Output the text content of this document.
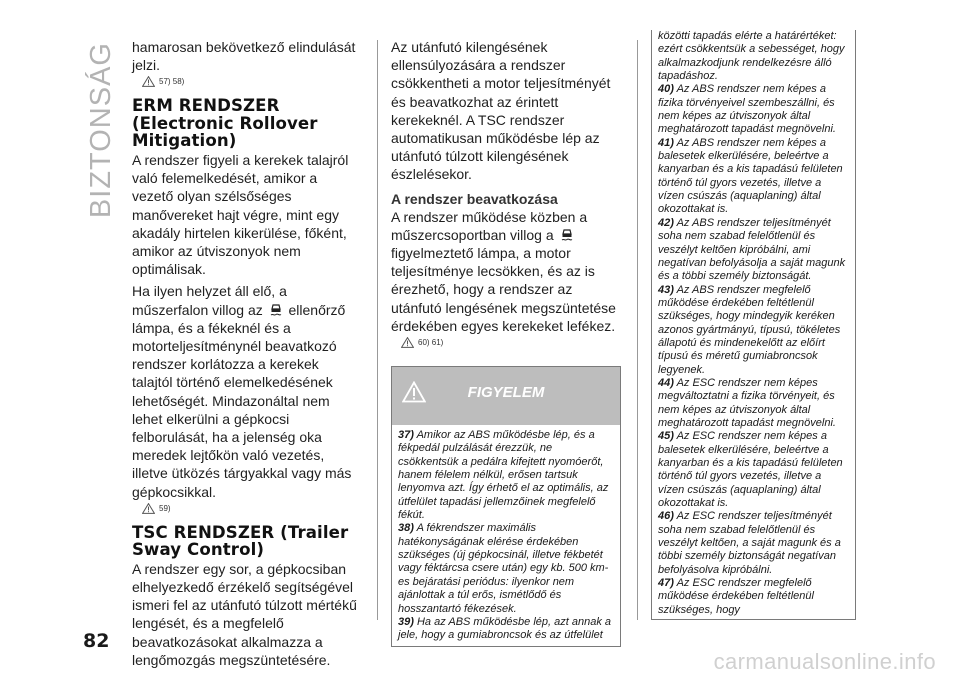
BIZTONSÁG
82

hamarosan bekövetkező elindulását jelzi.

57) 58)
ERM RENDSZER (Electronic Rollover Mitigation)

A rendszer figyeli a kerekek talajról való felemelkedését, amikor a vezető olyan szélsőséges manővereket hajt végre, mint egy akadály hirtelen kikerülése, főként, amikor az útviszonyok nem optimálisak.

Ha ilyen helyzet áll elő, a műszerfalon villog az ellenőrző lámpa, és a fékeknél és a motorteljesítménynél beavatkozó rendszer korlátozza a kerekek talajtól történő elemelkedésének lehetőségét. Mindazonáltal nem lehet elkerülni a gépkocsi felborulását, ha a jelenség oka meredek lejtőkön való vezetés, illetve ütközés tárgyakkal vagy más gépkocsikkal.

59)
TSC RENDSZER (Trailer Sway Control)

A rendszer egy sor, a gépkocsiban elhelyezkedő érzékelő segítségével ismeri fel az utánfutó túlzott mértékű lengését, és a megfelelő beavatkozásokat alkalmazza a lengőmozgás megszüntetésére.

Az utánfutó kilengésének ellensúlyozására a rendszer csökkentheti a motor teljesítményét és beavatkozhat az érintett kerekeknél. A TSC rendszer automatikusan működésbe lép az utánfutó túlzott kilengésének észlelésekor.

A rendszer beavatkozása

A rendszer működése közben a műszercsoportban villog a  figyelmeztető lámpa, a motor teljesítménye lecsökken, és az is érezhető, hogy a rendszer az utánfutó lengésének megszüntetése érdekében egyes kerekeket lefékez.

60) 61)
FIGYELEM

37) Amikor az ABS működésbe lép, és a fékpedál pulzálását érezzük, ne csökkentsük a pedálra kifejtett nyomóerőt, hanem félelem nélkül, erősen tartsuk lenyomva azt. Így érhető el az optimális, az útfelület tapadási jellemzőinek megfelelő fékút.

38) A fékrendszer maximális hatékonyságának elérése érdekében szükséges (új gépkocsinál, illetve fékbetét vagy féktárcsa csere után) egy kb. 500 km-es bejáratási periódus: ilyenkor nem ajánlottak a túl erős, ismétlődő és hosszantartó fékezések.

39) Ha az ABS működésbe lép, azt annak a jele, hogy a gumiabroncsok és az útfelület

közötti tapadás elérte a határértéket: ezért csökkentsük a sebességet, hogy alkalmazkodjunk rendelkezésre álló tapadáshoz.

40) Az ABS rendszer nem képes a fizika törvényeivel szembeszállni, és nem képes az útviszonyok által meghatározott tapadást megnövelni.

41) Az ABS rendszer nem képes a balesetek elkerülésére, beleértve a kanyarban és a kis tapadású felületen történő túl gyors vezetés, illetve a vízen csúszás (aquaplaning) által okozottakat is.

42) Az ABS rendszer teljesítményét soha nem szabad felelőtlenül és veszélyt keltően kipróbálni, ami negatívan befolyásolja a saját magunk és a többi személy biztonságát.

43) Az ABS rendszer megfelelő működése érdekében feltétlenül szükséges, hogy mindegyik keréken azonos gyártmányú, típusú, tökéletes állapotú és mindenekelőtt az előírt típusú és méretű gumiabroncsok legyenek.

44) Az ESC rendszer nem képes megváltoztatni a fizika törvényeit, és nem képes az útviszonyok által meghatározott tapadást megnövelni.

45) Az ESC rendszer nem képes a balesetek elkerülésére, beleértve a kanyarban és a kis tapadású felületen történő túl gyors vezetés, illetve a vízen csúszás (aquaplaning) által okozottakat is.

46) Az ESC rendszer teljesítményét soha nem szabad felelőtlenül és veszélyt keltően, a saját magunk és a többi személy biztonságát negatívan befolyásolva kipróbálni.

47) Az ESC rendszer megfelelő működése érdekében feltétlenül szükséges, hogy

carmanualsonline.info
